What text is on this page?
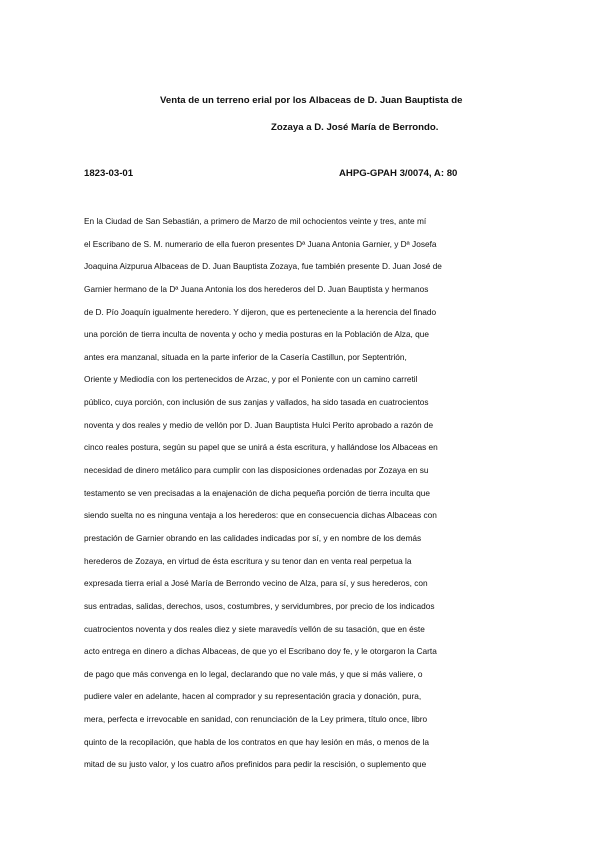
Venta de un terreno erial por los Albaceas de D. Juan Bauptista de
Zozaya a D. José María de Berrondo.
1823-03-01	AHPG-GPAH 3/0074, A: 80
En la Ciudad de San Sebastián, a primero de Marzo de mil ochocientos veinte y tres, ante mí
el Escribano de S. M. numerario de ella fueron presentes Dª Juana Antonia Garnier, y Dª Josefa
Joaquina Aizpurua Albaceas de D. Juan Bauptista Zozaya, fue también presente D. Juan José de
Garnier hermano de la Dª Juana Antonia los dos herederos del D. Juan Bauptista y hermanos
de D. Pío Joaquín igualmente heredero. Y dijeron, que es perteneciente a la herencia del finado
una porción de tierra inculta de noventa y ocho y media posturas en la Población de Alza, que
antes era manzanal, situada en la parte inferior de la Casería Castillun, por Septentrión,
Oriente y Mediodía con los pertenecidos de Arzac, y por el Poniente con un camino carretil
público, cuya porción, con inclusión de sus zanjas y vallados, ha sido tasada en cuatrocientos
noventa y dos reales y medio de vellón por D. Juan Bauptista Hulci Perito aprobado a razón de
cinco reales postura, según su papel que se unirá a ésta escritura, y hallándose los Albaceas en
necesidad de dinero metálico para cumplir con las disposiciones ordenadas por Zozaya en su
testamento se ven precisadas a la enajenación de dicha pequeña porción de tierra inculta que
siendo suelta no es ninguna ventaja a los herederos: que en consecuencia dichas Albaceas con
prestación de Garnier obrando en las calidades indicadas por sí, y en nombre de los demás
herederos de Zozaya, en virtud de ésta escritura y su tenor dan en venta real perpetua la
expresada tierra erial a José María de Berrondo vecino de Alza, para sí, y sus herederos, con
sus entradas, salidas, derechos, usos, costumbres, y servidumbres, por precio de los indicados
cuatrocientos noventa y dos reales diez y siete maravedís vellón de su tasación, que en éste
acto entrega en dinero a dichas Albaceas, de que yo el Escribano doy fe, y le otorgaron la Carta
de pago que más convenga en lo legal, declarando que no vale más, y que si más valiere, o
pudiere valer en adelante, hacen al comprador y su representación gracia y donación, pura,
mera, perfecta e irrevocable en sanidad, con renunciación de la Ley primera, título once, libro
quinto de la recopilación, que habla de los contratos en que hay lesión en más, o menos de la
mitad de su justo valor, y los cuatro años prefinidos para pedir la rescisión, o suplemento que
